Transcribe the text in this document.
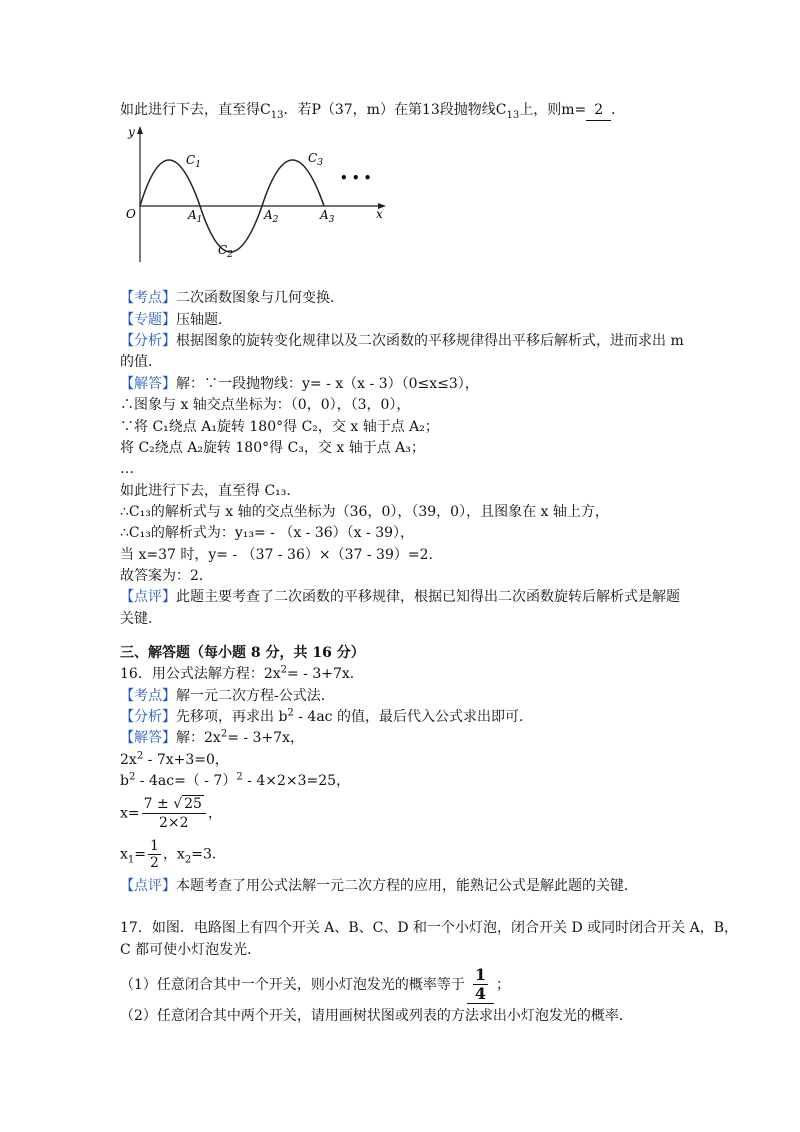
如此进行下去，直至得$C_{13}$．若P（37，m）在第13段抛物线$C_{13}$上，则m= 2 ．
y
x
O
$C_1$	$C_3$
$C_2$
$A_1$	$A_2$	$A_3$
• • •
【考点】二次函数图象与几何变换．
【专题】压轴题．
【分析】根据图象的旋转变化规律以及二次函数的平移规律得出平移后解析式，进而求出 m
的值．
【解答】解：∵一段抛物线：y= - x（x - 3）（0≤x≤3），
∴图象与 x 轴交点坐标为：（0，0），（3，0），
∵将 C₁绕点 A₁旋转 180°得 C₂，交 x 轴于点 A₂；
将 C₂绕点 A₂旋转 180°得 C₃，交 x 轴于点 A₃；
…
如此进行下去，直至得 C₁₃．
∴C₁₃的解析式与 x 轴的交点坐标为（36，0），（39，0），且图象在 x 轴上方，
∴C₁₃的解析式为：y₁₃= - （x - 36）（x - 39），
当 x=37 时，y= - （37 - 36）×（37 - 39）=2．
故答案为：2．
【点评】此题主要考查了二次函数的平移规律，根据已知得出二次函数旋转后解析式是解题
关键．
三、解答题（每小题 8 分，共 16 分）
16．用公式法解方程：$2x^2= - 3+7x$．
【考点】解一元二次方程-公式法．
【分析】先移项，再求出 $b^2 - 4ac$ 的值，最后代入公式求出即可．
【解答】解：$2x^2= - 3+7x$，
$2x^2 - 7x+3=0$，
$b^2 - 4ac=( - 7)^2 - 4\times 2\times 3=25$，
$x= \frac{7 \pm √ 25}{2\times 2}$ ，
$x_1= \frac{1}{2}$ ，$x_2=3$．
【点评】本题考查了用公式法解一元二次方程的应用，能熟记公式是解此题的关键．
17．如图．电路图上有四个开关 A、B、C、D 和一个小灯泡，闭合开关 D 或同时闭合开关 A，B，
C 都可使小灯泡发光．
（1）任意闭合其中一个开关，则小灯泡发光的概率等于 $\frac{1}{4}$ ；
（2）任意闭合其中两个开关，请用画树状图或列表的方法求出小灯泡发光的概率．
